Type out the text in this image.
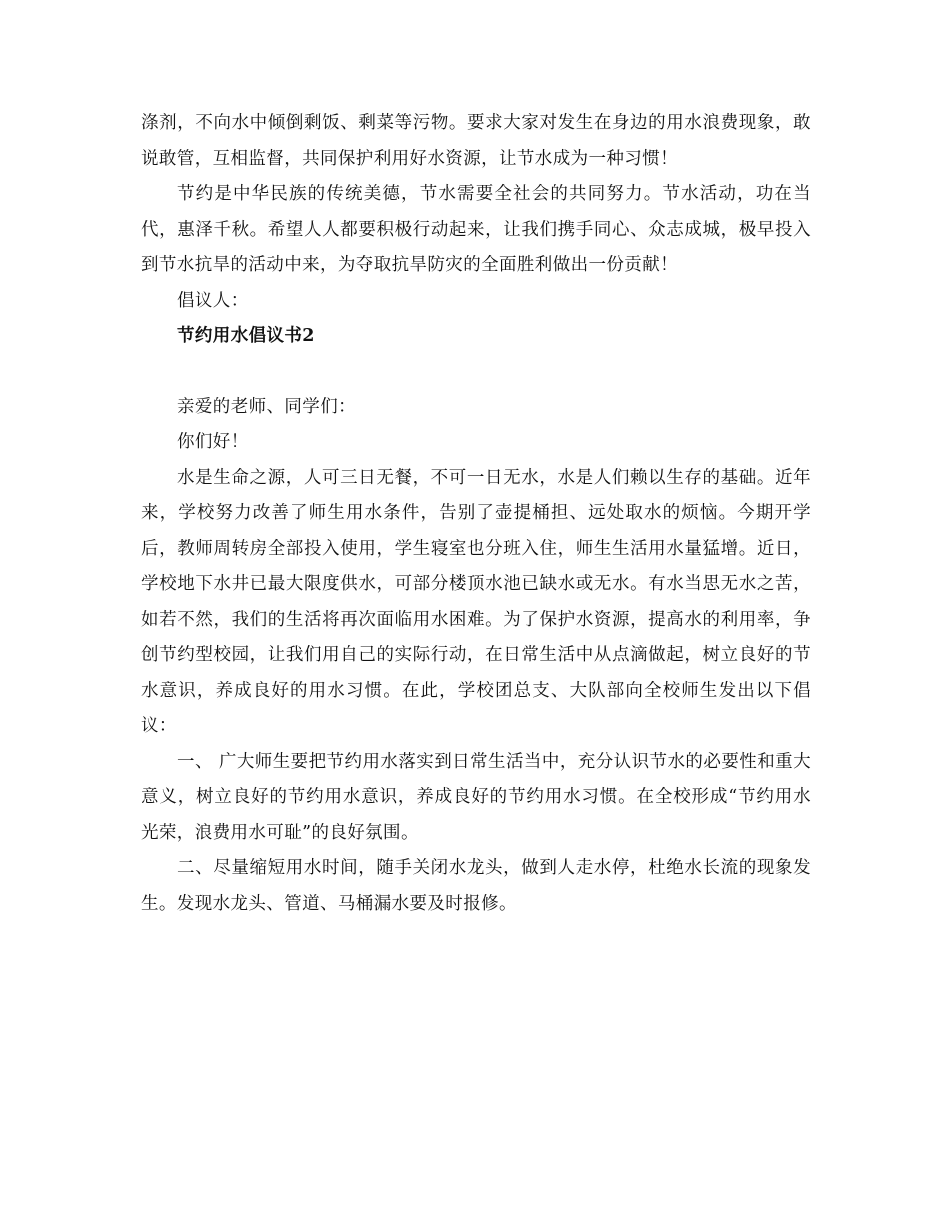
涤剂，不向水中倾倒剩饭、剩菜等污物。要求大家对发生在身边的用水浪费现象，敢说敢管，互相监督，共同保护利用好水资源，让节水成为一种习惯！

节约是中华民族的传统美德，节水需要全社会的共同努力。节水活动，功在当代，惠泽千秋。希望人人都要积极行动起来，让我们携手同心、众志成城，极早投入到节水抗旱的活动中来，为夺取抗旱防灾的全面胜利做出一份贡献！

倡议人：

节约用水倡议书2

亲爱的老师、同学们：

你们好！

水是生命之源，人可三日无餐，不可一日无水，水是人们赖以生存的基础。近年来，学校努力改善了师生用水条件，告别了壶提桶担、远处取水的烦恼。今期开学后，教师周转房全部投入使用，学生寝室也分班入住，师生生活用水量猛增。近日，学校地下水井已最大限度供水，可部分楼顶水池已缺水或无水。有水当思无水之苦，如若不然，我们的生活将再次面临用水困难。为了保护水资源，提高水的利用率，争创节约型校园，让我们用自己的实际行动，在日常生活中从点滴做起，树立良好的节水意识，养成良好的用水习惯。在此，学校团总支、大队部向全校师生发出以下倡议：

一、 广大师生要把节约用水落实到日常生活当中，充分认识节水的必要性和重大意义，树立良好的节约用水意识，养成良好的节约用水习惯。在全校形成“节约用水光荣，浪费用水可耻”的良好氛围。

二、尽量缩短用水时间，随手关闭水龙头，做到人走水停，杜绝水长流的现象发生。发现水龙头、管道、马桶漏水要及时报修。
